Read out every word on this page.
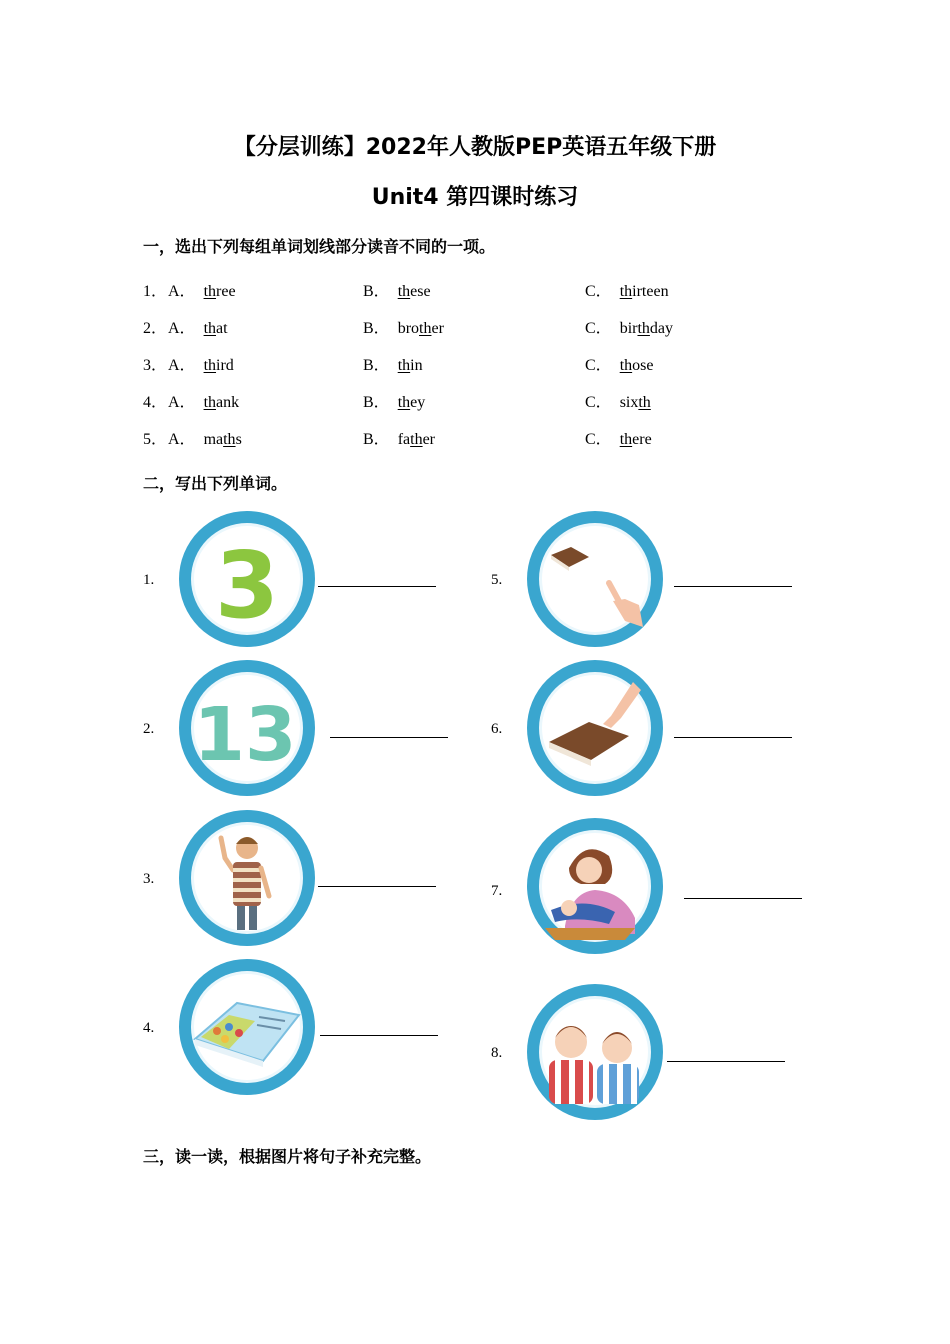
【分层训练】2022年人教版PEP英语五年级下册
Unit4 第四课时练习
一，选出下列每组单词划线部分读音不同的一项。
1． A． three	B． these	C． thirteen
2． A． that	B． brother	C． birthday
3． A． third	B． thin	C． those
4． A． thank	B． they	C． sixth
5． A． maths	B． father	C． there
二，写出下列单词。
1.
2.
3.
4.
5.
6.
7.
8.
3
13
三，读一读，根据图片将句子补充完整。
